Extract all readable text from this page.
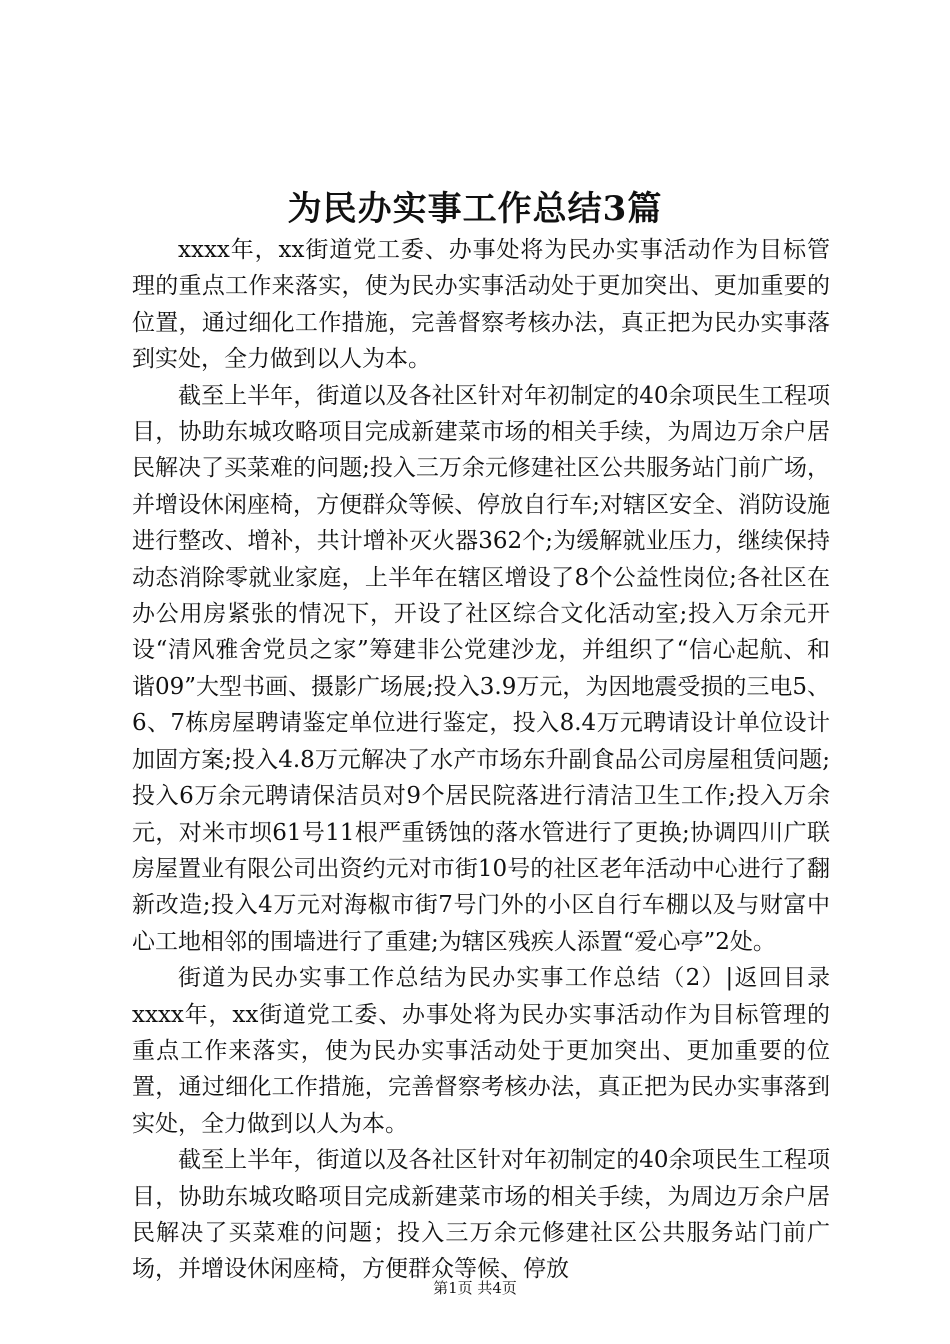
为民办实事工作总结3篇

xxxx年，xx街道党工委、办事处将为民办实事活动作为目标管理的重点工作来落实，使为民办实事活动处于更加突出、更加重要的位置，通过细化工作措施，完善督察考核办法，真正把为民办实事落到实处，全力做到以人为本。

截至上半年，街道以及各社区针对年初制定的40余项民生工程项目，协助东城攻略项目完成新建菜市场的相关手续，为周边万余户居民解决了买菜难的问题;投入三万余元修建社区公共服务站门前广场，并增设休闲座椅，方便群众等候、停放自行车;对辖区安全、消防设施进行整改、增补，共计增补灭火器362个;为缓解就业压力，继续保持动态消除零就业家庭，上半年在辖区增设了8个公益性岗位;各社区在办公用房紧张的情况下，开设了社区综合文化活动室;投入万余元开设“清风雅舍党员之家”筹建非公党建沙龙，并组织了“信心起航、和谐09”大型书画、摄影广场展;投入3.9万元，为因地震受损的三电5、6、7栋房屋聘请鉴定单位进行鉴定，投入8.4万元聘请设计单位设计加固方案;投入4.8万元解决了水产市场东升副食品公司房屋租赁问题;投入6万余元聘请保洁员对9个居民院落进行清洁卫生工作;投入万余元，对米市坝61号11根严重锈蚀的落水管进行了更换;协调四川广联房屋置业有限公司出资约元对市街10号的社区老年活动中心进行了翻新改造;投入4万元对海椒市街7号门外的小区自行车棚以及与财富中心工地相邻的围墙进行了重建;为辖区残疾人添置“爱心亭”2处。

街道为民办实事工作总结为民办实事工作总结（2）|返回目录xxxx年，xx街道党工委、办事处将为民办实事活动作为目标管理的重点工作来落实，使为民办实事活动处于更加突出、更加重要的位置，通过细化工作措施，完善督察考核办法，真正把为民办实事落到实处，全力做到以人为本。

截至上半年，街道以及各社区针对年初制定的40余项民生工程项目，协助东城攻略项目完成新建菜市场的相关手续，为周边万余户居民解决了买菜难的问题；投入三万余元修建社区公共服务站门前广场，并增设休闲座椅，方便群众等候、停放

第1页 共4页
